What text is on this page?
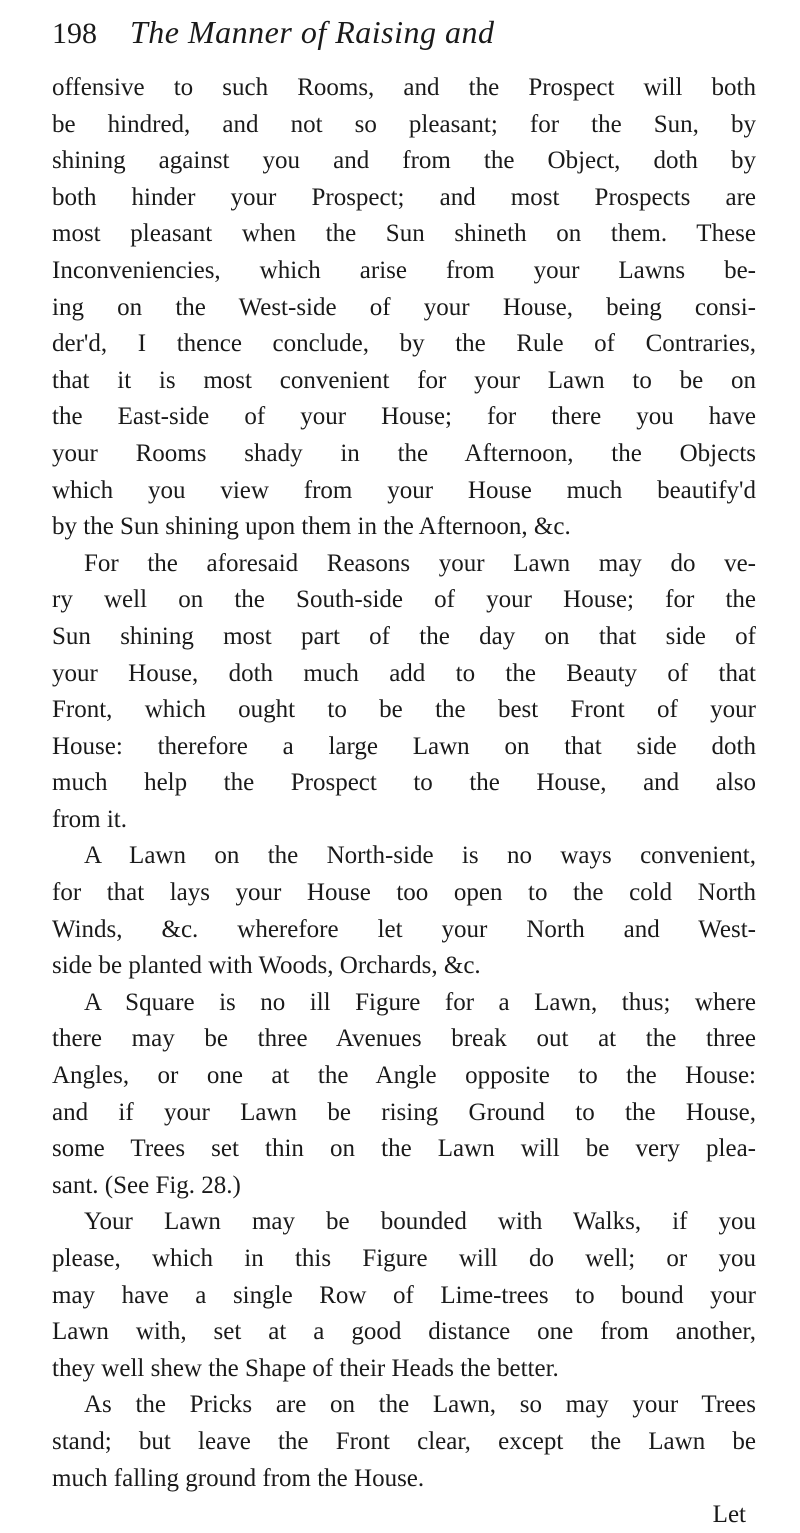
198	The Manner of Raising and
offensive to such Rooms, and the Prospect will both
be hindred, and not so pleasant; for the Sun, by
shining against you and from the Object, doth by
both hinder your Prospect; and most Prospects are
most pleasant when the Sun shineth on them. These
Inconveniencies, which arise from your Lawns be-
ing on the West-side of your House, being consi-
der'd, I thence conclude, by the Rule of Contraries,
that it is most convenient for your Lawn to be on
the East-side of your House; for there you have
your Rooms shady in the Afternoon, the Objects
which you view from your House much beautify'd
by the Sun shining upon them in the Afternoon, &c.
For the aforesaid Reasons your Lawn may do ve-
ry well on the South-side of your House; for the
Sun shining most part of the day on that side of
your House, doth much add to the Beauty of that
Front, which ought to be the best Front of your
House: therefore a large Lawn on that side doth
much help the Prospect to the House, and also
from it.
A Lawn on the North-side is no ways convenient,
for that lays your House too open to the cold North
Winds, &c. wherefore let your North and West-
side be planted with Woods, Orchards, &c.
A Square is no ill Figure for a Lawn, thus; where
there may be three Avenues break out at the three
Angles, or one at the Angle opposite to the House:
and if your Lawn be rising Ground to the House,
some Trees set thin on the Lawn will be very plea-
sant. (See Fig. 28.)
Your Lawn may be bounded with Walks, if you
please, which in this Figure will do well; or you
may have a single Row of Lime-trees to bound your
Lawn with, set at a good distance one from another,
they well shew the Shape of their Heads the better.
As the Pricks are on the Lawn, so may your Trees
stand; but leave the Front clear, except the Lawn be
much falling ground from the House.
Let
